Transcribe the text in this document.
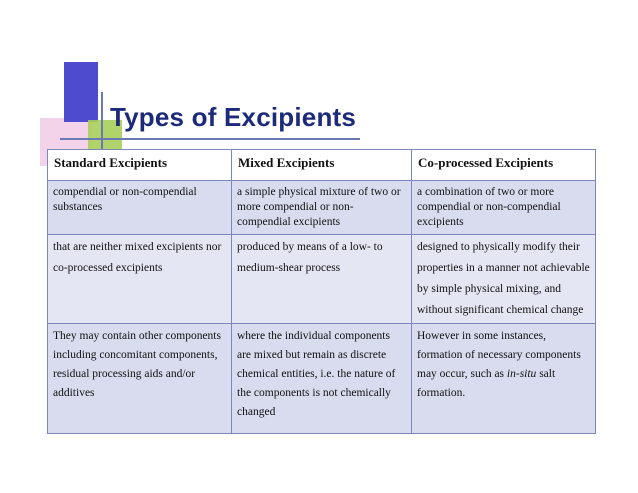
Types of Excipients
Standard Excipients	Mixed Excipients	Co-processed Excipients
compendial or non-compendial substances	a simple physical mixture of two or more compendial or non-compendial excipients	a combination of two or more compendial or non-compendial excipients
that are neither mixed excipients nor co-processed excipients	produced by means of a low- to medium-shear process	designed to physically modify their properties in a manner not achievable by simple physical mixing, and without significant chemical change
They may contain other components including concomitant components, residual processing aids and/or additives	where the individual components are mixed but remain as discrete chemical entities, i.e. the nature of the components is not chemically changed	However in some instances, formation of necessary components may occur, such as in-situ salt formation.
